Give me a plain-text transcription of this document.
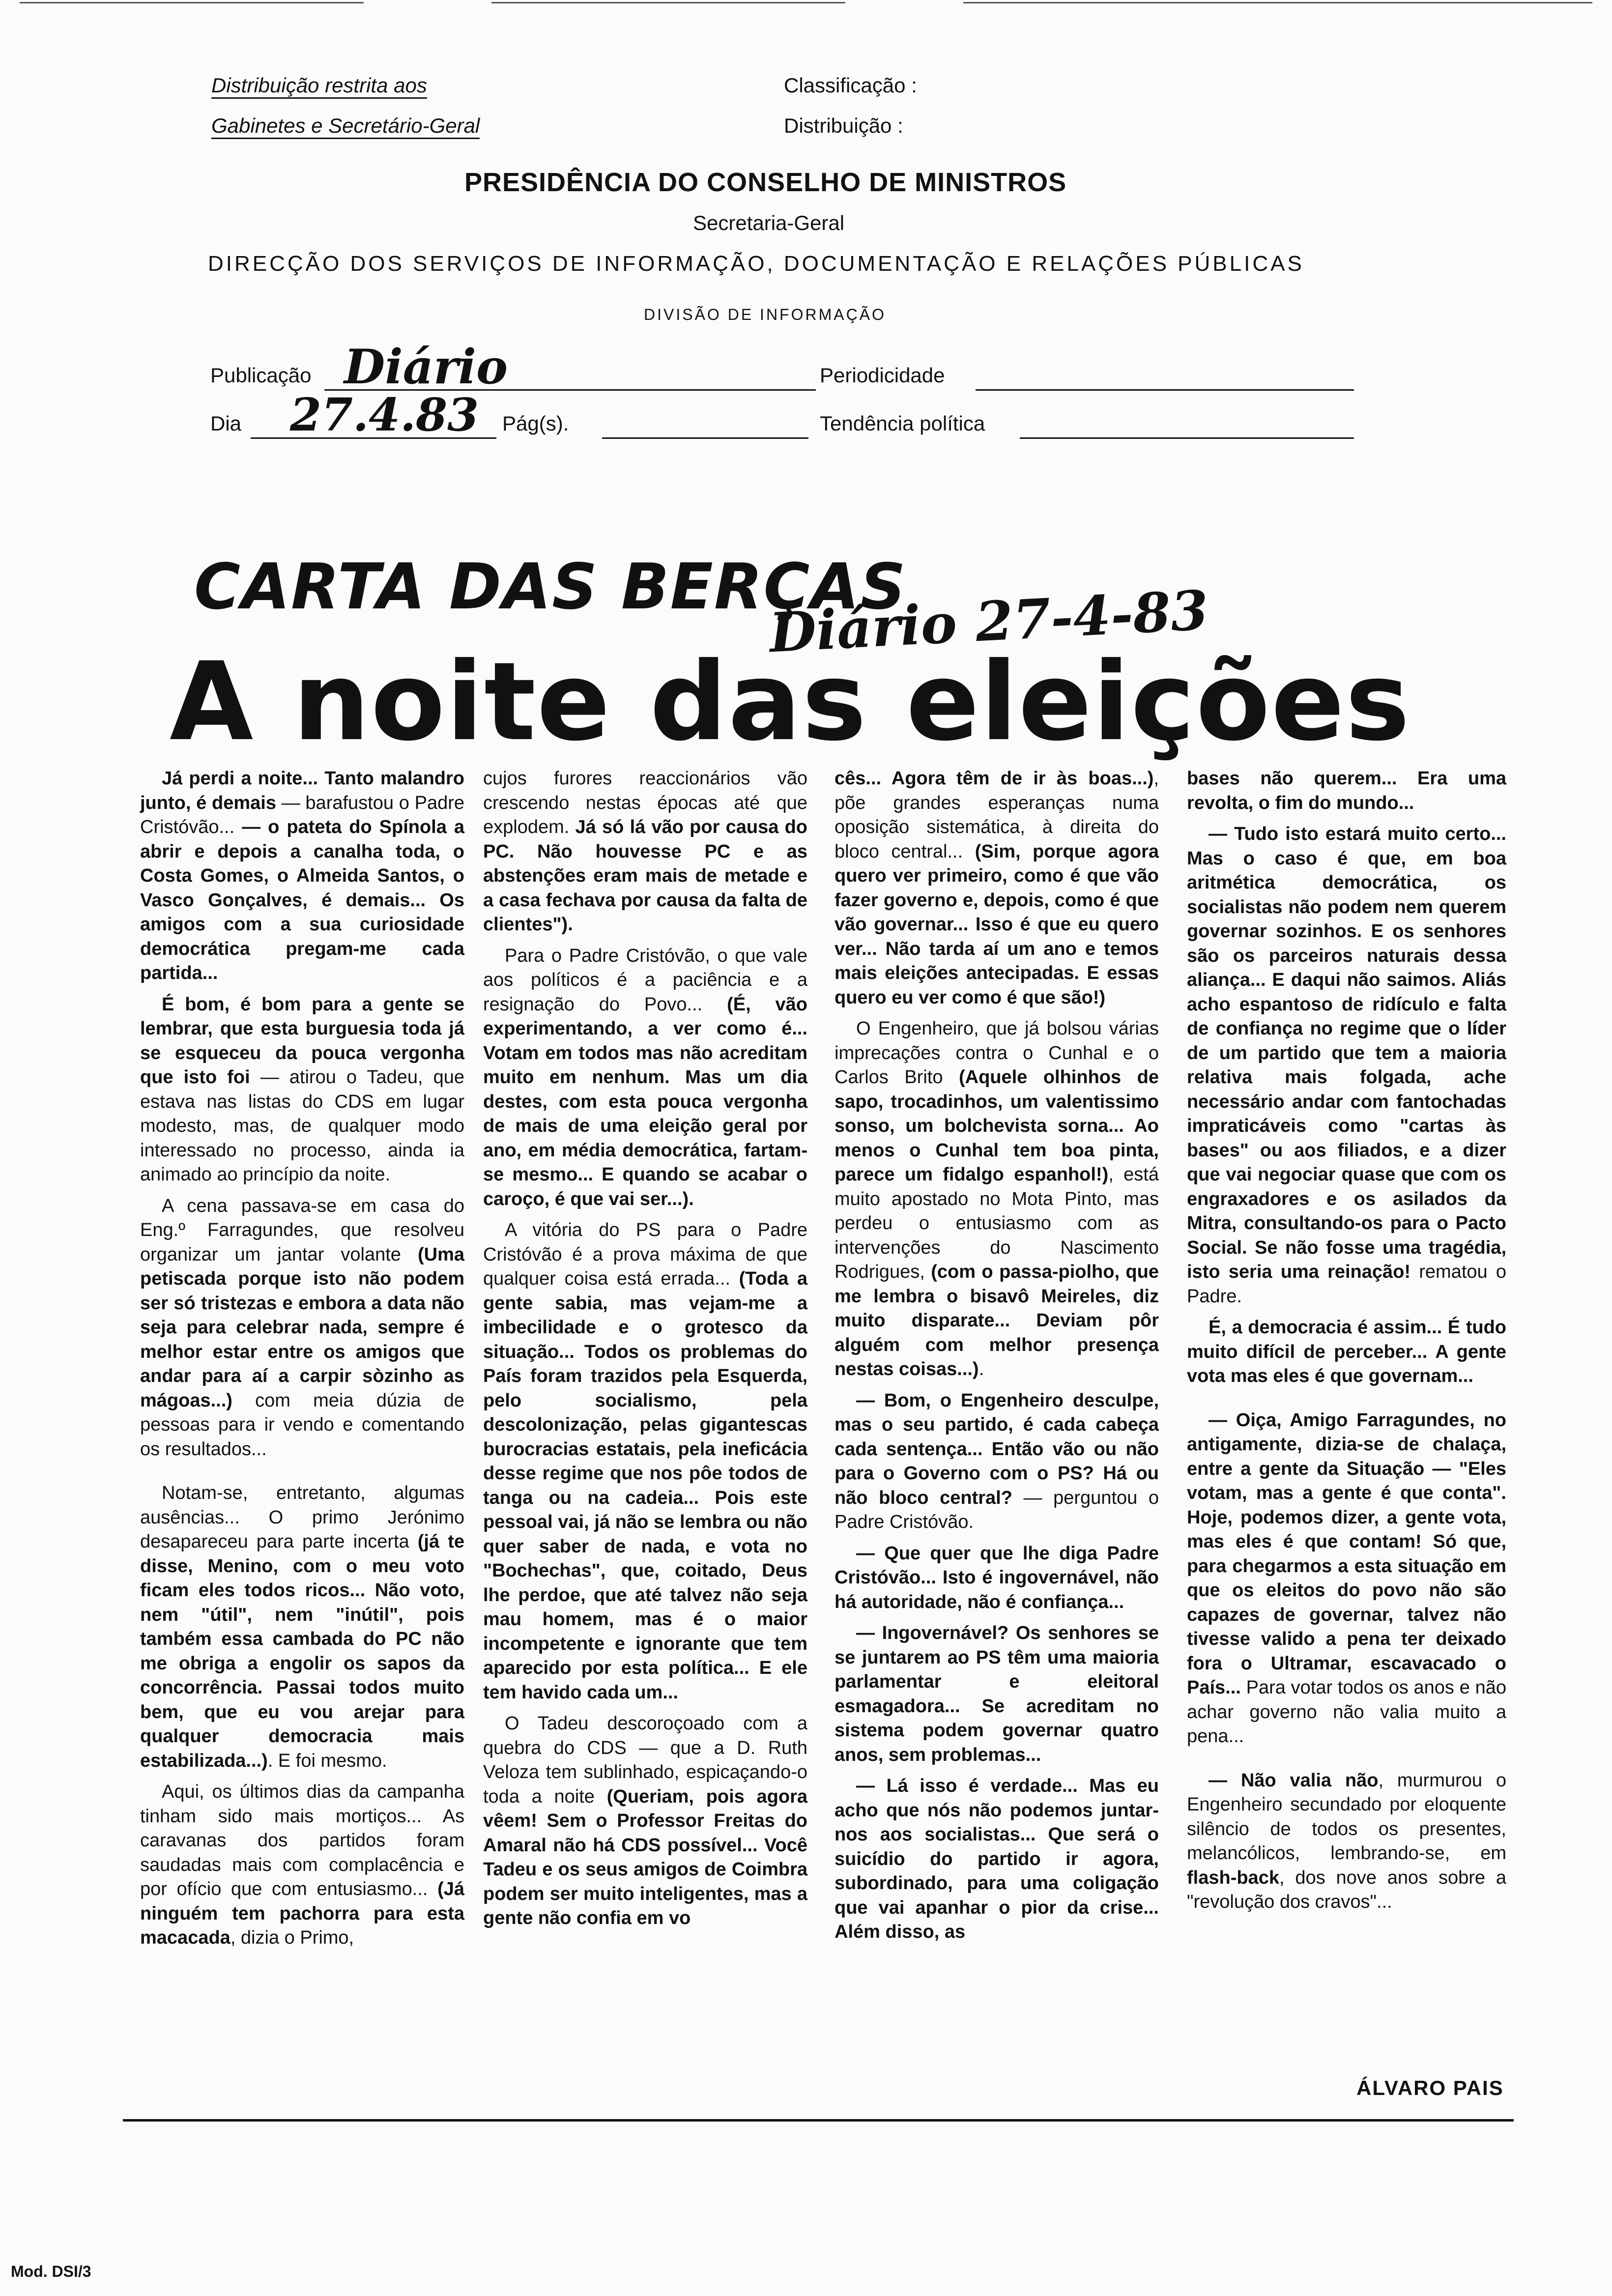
Distribuição restrita aos
Gabinetes e Secretário-Geral
Classificação :
Distribuição :
PRESIDÊNCIA DO CONSELHO DE MINISTROS
Secretaria-Geral
DIRECÇÃO DOS SERVIÇOS DE INFORMAÇÃO, DOCUMENTAÇÃO E RELAÇÕES PÚBLICAS
DIVISÃO DE INFORMAÇÃO
Publicação Diário	Periodicidade
Dia 27.4.83 Pág(s).	Tendência política
CARTA DAS BERÇAS
Diário 27-4-83
A noite das eleições

Já perdi a noite... Tanto malandro junto, é demais — barafustou o Padre Cristóvão... — o pateta do Spínola a abrir e depois a canalha toda, o Costa Gomes, o Almeida Santos, o Vasco Gonçalves, é demais... Os amigos com a sua curiosidade democrática pregam-me cada partida...

É bom, é bom para a gente se lembrar, que esta burguesia toda já se esqueceu da pouca vergonha que isto foi — atirou o Tadeu, que estava nas listas do CDS em lugar modesto, mas, de qualquer modo interessado no processo, ainda ia animado ao princípio da noite.

A cena passava-se em casa do Eng.º Farragundes, que resolveu organizar um jantar volante (Uma petiscada porque isto não podem ser só tristezas e embora a data não seja para celebrar nada, sempre é melhor estar entre os amigos que andar para aí a carpir sòzinho as mágoas...) com meia dúzia de pessoas para ir vendo e comentando os resultados...

Notam-se, entretanto, algumas ausências... O primo Jerónimo desapareceu para parte incerta (já te disse, Menino, com o meu voto ficam eles todos ricos... Não voto, nem "útil", nem "inútil", pois também essa cambada do PC não me obriga a engolir os sapos da concorrência. Passai todos muito bem, que eu vou arejar para qualquer democracia mais estabilizada...). E foi mesmo.

Aqui, os últimos dias da campanha tinham sido mais mortiços... As caravanas dos partidos foram saudadas mais com complacência e por ofício que com entusiasmo... (Já ninguém tem pachorra para esta macacada, dizia o Primo,

cujos furores reaccionários vão crescendo nestas épocas até que explodem. Já só lá vão por causa do PC. Não houvesse PC e as abstenções eram mais de metade e a casa fechava por causa da falta de clientes").

Para o Padre Cristóvão, o que vale aos políticos é a paciência e a resignação do Povo... (É, vão experimentando, a ver como é... Votam em todos mas não acreditam muito em nenhum. Mas um dia destes, com esta pouca vergonha de mais de uma eleição geral por ano, em média democrática, fartam-se mesmo... E quando se acabar o caroço, é que vai ser...).

A vitória do PS para o Padre Cristóvão é a prova máxima de que qualquer coisa está errada... (Toda a gente sabia, mas vejam-me a imbecilidade e o grotesco da situação... Todos os problemas do País foram trazidos pela Esquerda, pelo socialismo, pela descolonização, pelas gigantescas burocracias estatais, pela ineficácia desse regime que nos pôe todos de tanga ou na cadeia... Pois este pessoal vai, já não se lembra ou não quer saber de nada, e vota no "Bochechas", que, coitado, Deus lhe perdoe, que até talvez não seja mau homem, mas é o maior incompetente e ignorante que tem aparecido por esta política... E ele tem havido cada um...

O Tadeu descoroçoado com a quebra do CDS — que a D. Ruth Veloza tem sublinhado, espicaçando-o toda a noite (Queriam, pois agora vêem! Sem o Professor Freitas do Amaral não há CDS possível... Você Tadeu e os seus amigos de Coimbra podem ser muito inteligentes, mas a gente não confia em vo

cês... Agora têm de ir às boas...), põe grandes esperanças numa oposição sistemática, à direita do bloco central... (Sim, porque agora quero ver primeiro, como é que vão fazer governo e, depois, como é que vão governar... Isso é que eu quero ver... Não tarda aí um ano e temos mais eleições antecipadas. E essas quero eu ver como é que são!)

O Engenheiro, que já bolsou várias imprecações contra o Cunhal e o Carlos Brito (Aquele olhinhos de sapo, trocadinhos, um valentissimo sonso, um bolchevista sorna... Ao menos o Cunhal tem boa pinta, parece um fidalgo espanhol!), está muito apostado no Mota Pinto, mas perdeu o entusiasmo com as intervenções do Nascimento Rodrigues, (com o passa-piolho, que me lembra o bisavô Meireles, diz muito disparate... Deviam pôr alguém com melhor presença nestas coisas...).

— Bom, o Engenheiro desculpe, mas o seu partido, é cada cabeça cada sentença... Então vão ou não para o Governo com o PS? Há ou não bloco central? — perguntou o Padre Cristóvão.

— Que quer que lhe diga Padre Cristóvão... Isto é ingovernável, não há autoridade, não é confiança...

— Ingovernável? Os senhores se se juntarem ao PS têm uma maioria parlamentar e eleitoral esmagadora... Se acreditam no sistema podem governar quatro anos, sem problemas...

— Lá isso é verdade... Mas eu acho que nós não podemos juntar-nos aos socialistas... Que será o suicídio do partido ir agora, subordinado, para uma coligação que vai apanhar o pior da crise... Além disso, as

bases não querem... Era uma revolta, o fim do mundo...

— Tudo isto estará muito certo... Mas o caso é que, em boa aritmética democrática, os socialistas não podem nem querem governar sozinhos. E os senhores são os parceiros naturais dessa aliança... E daqui não saimos. Aliás acho espantoso de ridículo e falta de confiança no regime que o líder de um partido que tem a maioria relativa mais folgada, ache necessário andar com fantochadas impraticáveis como "cartas às bases" ou aos filiados, e a dizer que vai negociar quase que com os engraxadores e os asilados da Mitra, consultando-os para o Pacto Social. Se não fosse uma tragédia, isto seria uma reinação! rematou o Padre.

É, a democracia é assim... É tudo muito difícil de perceber... A gente vota mas eles é que governam...

— Oiça, Amigo Farragundes, no antigamente, dizia-se de chalaça, entre a gente da Situação — "Eles votam, mas a gente é que conta". Hoje, podemos dizer, a gente vota, mas eles é que contam! Só que, para chegarmos a esta situação em que os eleitos do povo não são capazes de governar, talvez não tivesse valido a pena ter deixado fora o Ultramar, escavacado o País... Para votar todos os anos e não achar governo não valia muito a pena...

— Não valia não, murmurou o Engenheiro secundado por eloquente silêncio de todos os presentes, melancólicos, lembrando-se, em flash-back, dos nove anos sobre a "revolução dos cravos"...

ÁLVARO PAIS
Mod. DSI/3
